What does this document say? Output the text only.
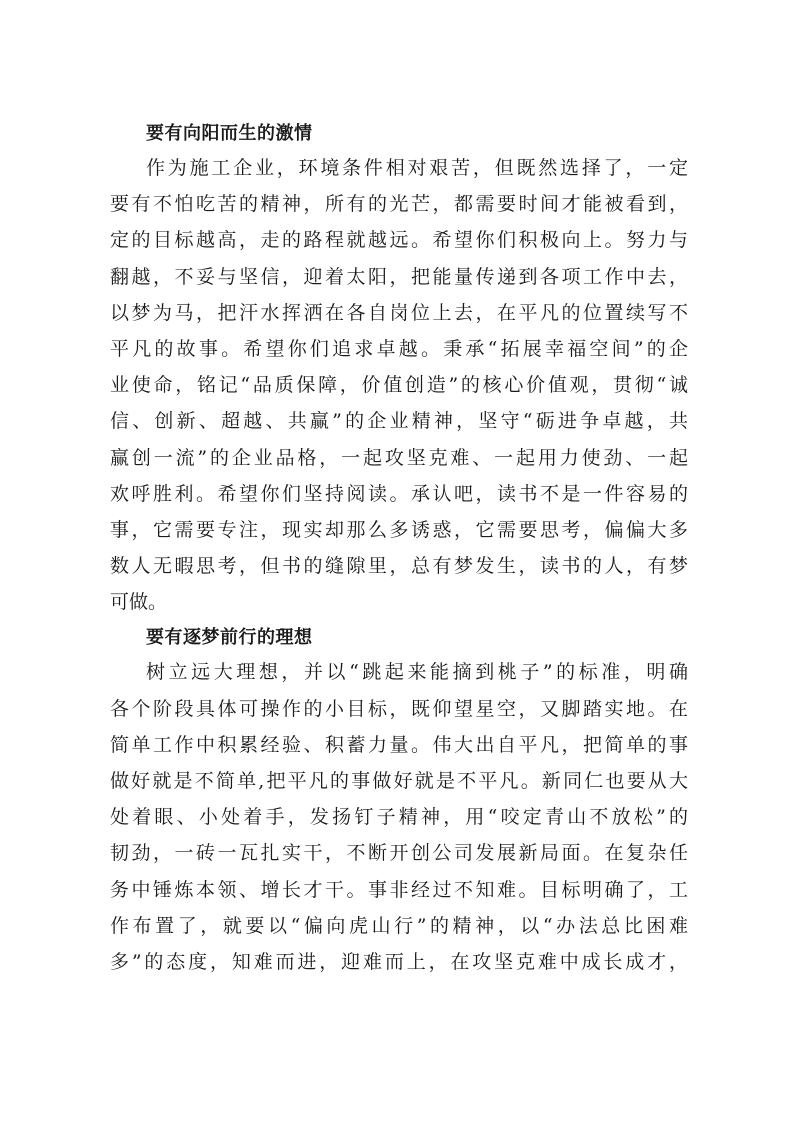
要有向阳而生的激情

作为施工企业，环境条件相对艰苦，但既然选择了，一定

要有不怕吃苦的精神，所有的光芒，都需要时间才能被看到，

定的目标越高，走的路程就越远。希望你们积极向上。努力与

翻越，不妥与坚信，迎着太阳，把能量传递到各项工作中去，

以梦为马，把汗水挥洒在各自岗位上去，在平凡的位置续写不

平凡的故事。希望你们追求卓越。秉承“拓展幸福空间”的企

业使命，铭记“品质保障，价值创造”的核心价值观，贯彻“诚

信、创新、超越、共赢”的企业精神，坚守“砺进争卓越，共

赢创一流”的企业品格，一起攻坚克难、一起用力使劲、一起

欢呼胜利。希望你们坚持阅读。承认吧，读书不是一件容易的

事，它需要专注，现实却那么多诱惑，它需要思考，偏偏大多

数人无暇思考，但书的缝隙里，总有梦发生，读书的人，有梦

可做。

要有逐梦前行的理想

树立远大理想，并以“跳起来能摘到桃子”的标准，明确

各个阶段具体可操作的小目标，既仰望星空，又脚踏实地。在

简单工作中积累经验、积蓄力量。伟大出自平凡，把简单的事

做好就是不简单,把平凡的事做好就是不平凡。新同仁也要从大

处着眼、小处着手，发扬钉子精神，用“咬定青山不放松”的

韧劲，一砖一瓦扎实干，不断开创公司发展新局面。在复杂任

务中锤炼本领、增长才干。事非经过不知难。目标明确了，工

作布置了，就要以“偏向虎山行”的精神，以“办法总比困难

多”的态度，知难而进，迎难而上，在攻坚克难中成长成才，
